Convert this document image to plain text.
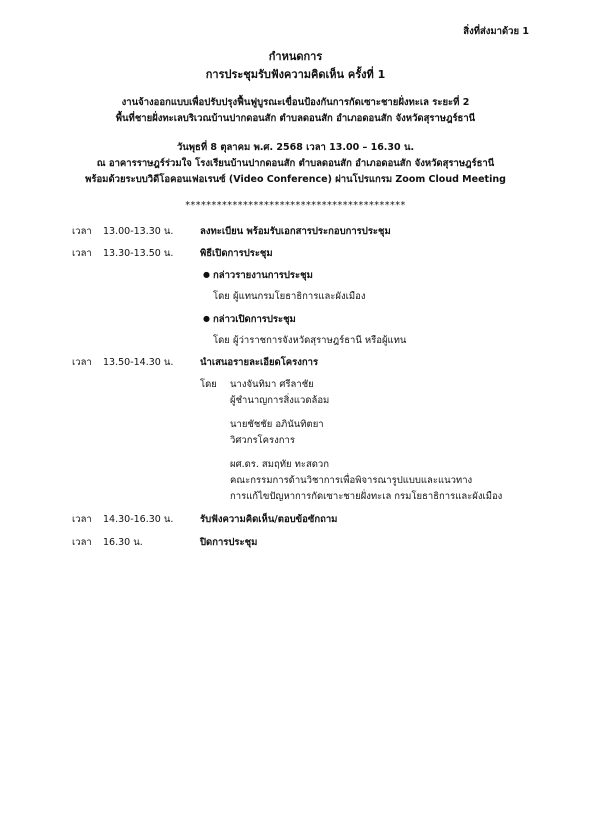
สิ่งที่ส่งมาด้วย 1
กำหนดการ
การประชุมรับฟังความคิดเห็น ครั้งที่ 1
งานจ้างออกแบบเพื่อปรับปรุงฟื้นฟูบูรณะเขื่อนป้องกันการกัดเซาะชายฝั่งทะเล ระยะที่ 2
พื้นที่ชายฝั่งทะเลบริเวณบ้านปากดอนสัก ตำบลดอนสัก อำเภอดอนสัก จังหวัดสุราษฎร์ธานี
วันพุธที่ 8 ตุลาคม พ.ศ. 2568 เวลา 13.00 – 16.30 น.
ณ อาคารราษฎร์ร่วมใจ โรงเรียนบ้านปากดอนสัก ตำบลดอนสัก อำเภอดอนสัก จังหวัดสุราษฎร์ธานี
พร้อมด้วยระบบวิดีโอคอนเฟอเรนซ์ (Video Conference) ผ่านโปรแกรม Zoom Cloud Meeting
******************************************
เวลา 13.00-13.30 น.	ลงทะเบียน พร้อมรับเอกสารประกอบการประชุม
เวลา 13.30-13.50 น.	พิธีเปิดการประชุม
● กล่าวรายงานการประชุม
โดย ผู้แทนกรมโยธาธิการและผังเมือง
● กล่าวเปิดการประชุม
โดย ผู้ว่าราชการจังหวัดสุราษฎร์ธานี หรือผู้แทน
เวลา 13.50-14.30 น.	นำเสนอรายละเอียดโครงการ
โดย นางจันทิมา ศรีลาชัย
ผู้ชำนาญการสิ่งแวดล้อม
นายชัชชัย อภินันทิตยา
วิศวกรโครงการ
ผศ.ดร. สมฤทัย ทะสดวก
คณะกรรมการด้านวิชาการเพื่อพิจารณารูปแบบและแนวทาง
การแก้ไขปัญหาการกัดเซาะชายฝั่งทะเล กรมโยธาธิการและผังเมือง
เวลา 14.30-16.30 น.	รับฟังความคิดเห็น/ตอบข้อซักถาม
เวลา 16.30 น.	ปิดการประชุม
